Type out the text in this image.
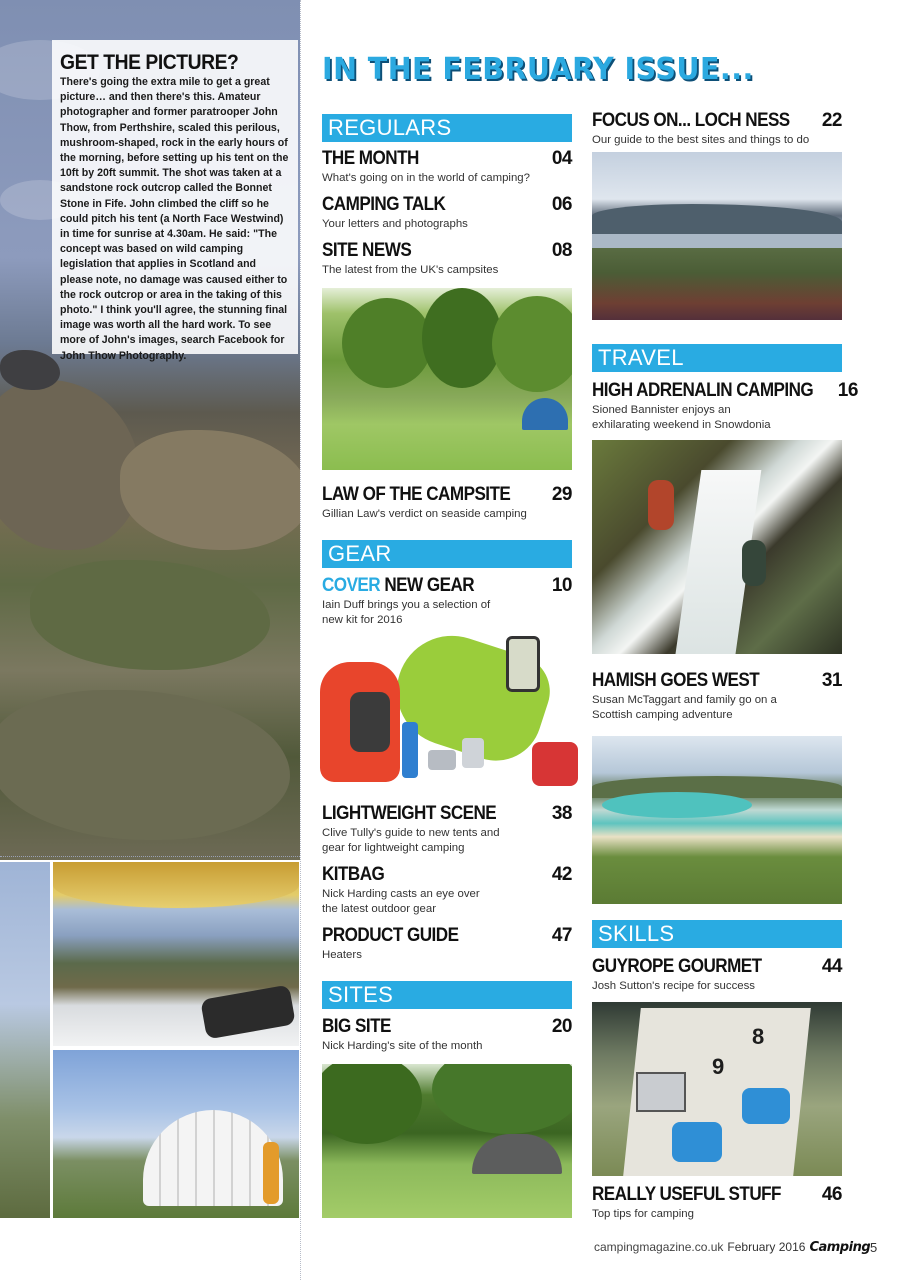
GET THE PICTURE?
There's going the extra mile to get a great picture… and then there's this. Amateur photographer and former paratrooper John Thow, from Perthshire, scaled this perilous, mushroom-shaped, rock in the early hours of the morning, before setting up his tent on the 10ft by 20ft summit. The shot was taken at a sandstone rock outcrop called the Bonnet Stone in Fife. John climbed the cliff so he could pitch his tent (a North Face Westwind) in time for sunrise at 4.30am. He said: "The concept was based on wild camping legislation that applies in Scotland and please note, no damage was caused either to the rock outcrop or area in the taking of this photo." I think you'll agree, the stunning final image was worth all the hard work. To see more of John's images, search Facebook for John Thow Photography.
IN THE FEBRUARY ISSUE...
REGULARS
THE MONTH	04
What's going on in the world of camping?
CAMPING TALK	06
Your letters and photographs
SITE NEWS	08
The latest from the UK's campsites
LAW OF THE CAMPSITE 29
Gillian Law's verdict on seaside camping
GEAR
COVER NEW GEAR	10
Iain Duff brings you a selection of new kit for 2016
LIGHTWEIGHT SCENE	38
Clive Tully's guide to new tents and gear for lightweight camping
KITBAG	42
Nick Harding casts an eye over the latest outdoor gear
PRODUCT GUIDE	47
Heaters
SITES
BIG SITE	20
Nick Harding's site of the month
FOCUS ON... LOCH NESS 22
Our guide to the best sites and things to do
TRAVEL
HIGH ADRENALIN CAMPING 16
Sioned Bannister enjoys an exhilarating weekend in Snowdonia
HAMISH GOES WEST	31
Susan McTaggart and family go on a Scottish camping adventure
SKILLS
GUYROPE GOURMET	44
Josh Sutton's recipe for success
8
9
REALLY USEFUL STUFF 46
Top tips for camping
campingmagazine.co.uk February 2016 Camping 5
